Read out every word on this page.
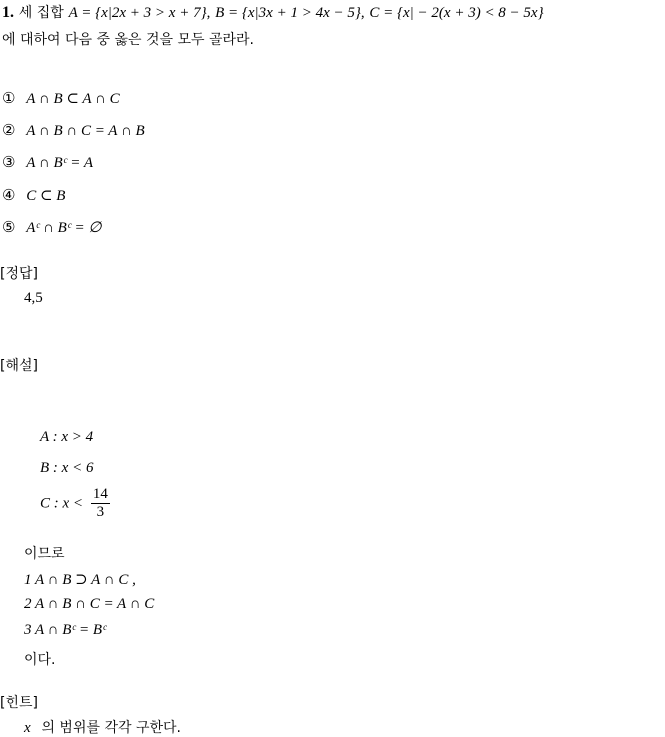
1. 세 집합 A = {x|2x + 3 > x + 7}, B = {x|3x + 1 > 4x − 5}, C = {x| − 2(x + 3) < 8 − 5x}
에 대하여 다음 중 옳은 것을 모두 골라라.
① A ∩ B ⊂ A ∩ C
② A ∩ B ∩ C = A ∩ B
③ A ∩ Bᶜ = A
④ C ⊂ B
⑤ Aᶜ ∩ Bᶜ = ∅
[정답]
4,5
[해설]
A : x > 4
B : x < 6
C : $x < \frac{14}{3}$
이므로
1 A ∩ B ⊃ A ∩ C ,
2 A ∩ B ∩ C = A ∩ C
3 A ∩ Bᶜ = Bᶜ
이다.
[힌트]
x 의 범위를 각각 구한다.
